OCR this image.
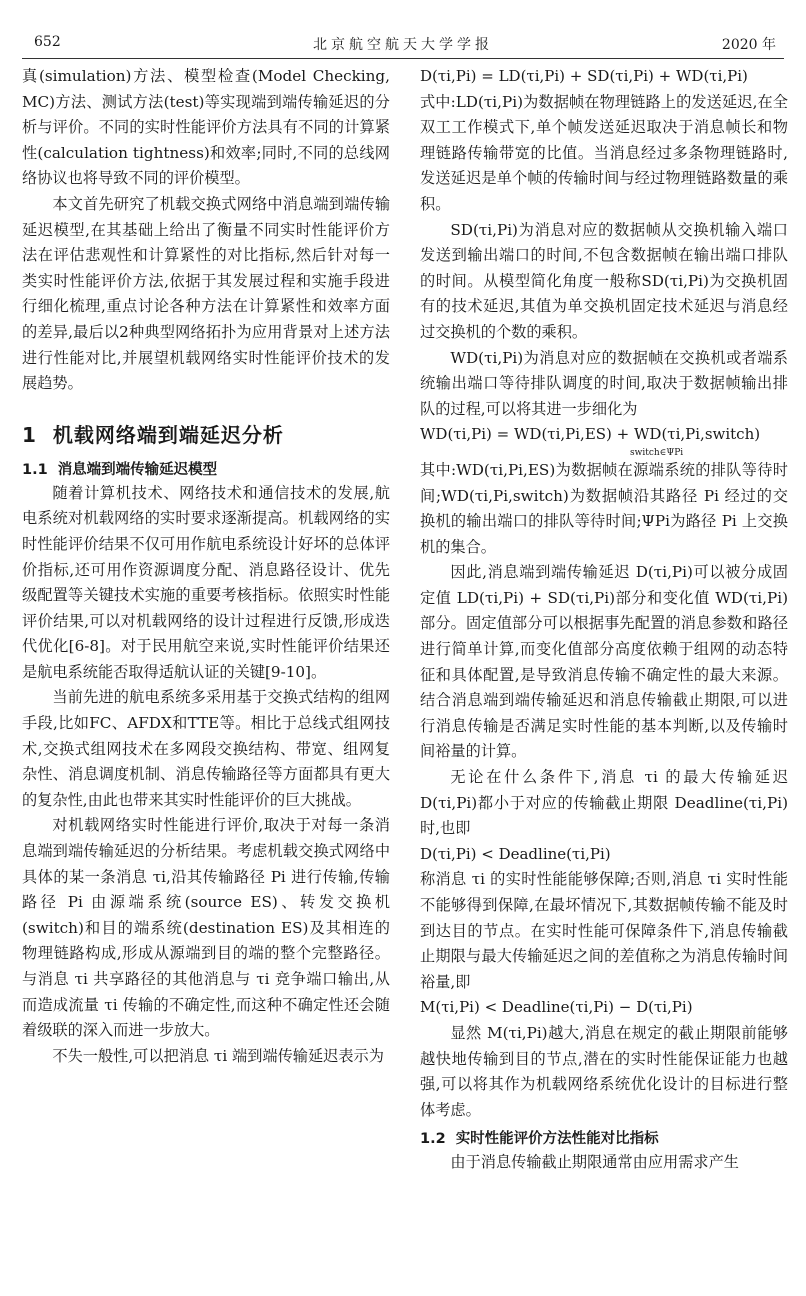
652	北京航空航天大学学报	2020 年

真(simulation)方法、模型检查(Model Checking, MC)方法、测试方法(test)等实现端到端传输延迟的分析与评价。不同的实时性能评价方法具有不同的计算紧性(calculation tightness)和效率;同时,不同的总线网络协议也将导致不同的评价模型。

本文首先研究了机载交换式网络中消息端到端传输延迟模型,在其基础上给出了衡量不同实时性能评价方法在评估悲观性和计算紧性的对比指标,然后针对每一类实时性能评价方法,依据于其发展过程和实施手段进行细化梳理,重点讨论各种方法在计算紧性和效率方面的差异,最后以2种典型网络拓扑为应用背景对上述方法进行性能对比,并展望机载网络实时性能评价技术的发展趋势。

1 机载网络端到端延迟分析
1.1 消息端到端传输延迟模型

随着计算机技术、网络技术和通信技术的发展,航电系统对机载网络的实时要求逐渐提高。机载网络的实时性能评价结果不仅可用作航电系统设计好坏的总体评价指标,还可用作资源调度分配、消息路径设计、优先级配置等关键技术实施的重要考核指标。依照实时性能评价结果,可以对机载网络的设计过程进行反馈,形成迭代优化[6-8]。对于民用航空来说,实时性能评价结果还是航电系统能否取得适航认证的关键[9-10]。

当前先进的航电系统多采用基于交换式结构的组网手段,比如FC、AFDX和TTE等。相比于总线式组网技术,交换式组网技术在多网段交换结构、带宽、组网复杂性、消息调度机制、消息传输路径等方面都具有更大的复杂性,由此也带来其实时性能评价的巨大挑战。

对机载网络实时性能进行评价,取决于对每一条消息端到端传输延迟的分析结果。考虑机载交换式网络中具体的某一条消息 τi,沿其传输路径 Pi 进行传输,传输路径 Pi 由源端系统(source ES)、转发交换机(switch)和目的端系统(destination ES)及其相连的物理链路构成,形成从源端到目的端的整个完整路径。与消息 τi 共享路径的其他消息与 τi 竞争端口输出,从而造成流量 τi 传输的不确定性,而这种不确定性还会随着级联的深入而进一步放大。

不失一般性,可以把消息 τi 端到端传输延迟表示为

D(τi,Pi) = LD(τi,Pi) + SD(τi,Pi) + WD(τi,Pi)

式中:LD(τi,Pi)为数据帧在物理链路上的发送延迟,在全双工工作模式下,单个帧发送延迟取决于消息帧长和物理链路传输带宽的比值。当消息经过多条物理链路时,发送延迟是单个帧的传输时间与经过物理链路数量的乘积。

SD(τi,Pi)为消息对应的数据帧从交换机输入端口发送到输出端口的时间,不包含数据帧在输出端口排队的时间。从模型简化角度一般称SD(τi,Pi)为交换机固有的技术延迟,其值为单交换机固定技术延迟与消息经过交换机的个数的乘积。

WD(τi,Pi)为消息对应的数据帧在交换机或者端系统输出端口等待排队调度的时间,取决于数据帧输出排队的过程,可以将其进一步细化为

WD(τi,Pi) = WD(τi,Pi,ES) + WD(τi,Pi,switch)
switch∈ΨPi

其中:WD(τi,Pi,ES)为数据帧在源端系统的排队等待时间;WD(τi,Pi,switch)为数据帧沿其路径 Pi 经过的交换机的输出端口的排队等待时间;ΨPi为路径 Pi 上交换机的集合。

因此,消息端到端传输延迟 D(τi,Pi)可以被分成固定值 LD(τi,Pi) + SD(τi,Pi)部分和变化值 WD(τi,Pi)部分。固定值部分可以根据事先配置的消息参数和路径进行简单计算,而变化值部分高度依赖于组网的动态特征和具体配置,是导致消息传输不确定性的最大来源。结合消息端到端传输延迟和消息传输截止期限,可以进行消息传输是否满足实时性能的基本判断,以及传输时间裕量的计算。

无论在什么条件下,消息 τi 的最大传输延迟 D(τi,Pi)都小于对应的传输截止期限 Deadline(τi,Pi)时,也即

D(τi,Pi) < Deadline(τi,Pi)

称消息 τi 的实时性能能够保障;否则,消息 τi 实时性能不能够得到保障,在最坏情况下,其数据帧传输不能及时到达目的节点。在实时性能可保障条件下,消息传输截止期限与最大传输延迟之间的差值称之为消息传输时间裕量,即

M(τi,Pi) < Deadline(τi,Pi) − D(τi,Pi)

显然 M(τi,Pi)越大,消息在规定的截止期限前能够越快地传输到目的节点,潜在的实时性能保证能力也越强,可以将其作为机载网络系统优化设计的目标进行整体考虑。

1.2 实时性能评价方法性能对比指标

由于消息传输截止期限通常由应用需求产生
